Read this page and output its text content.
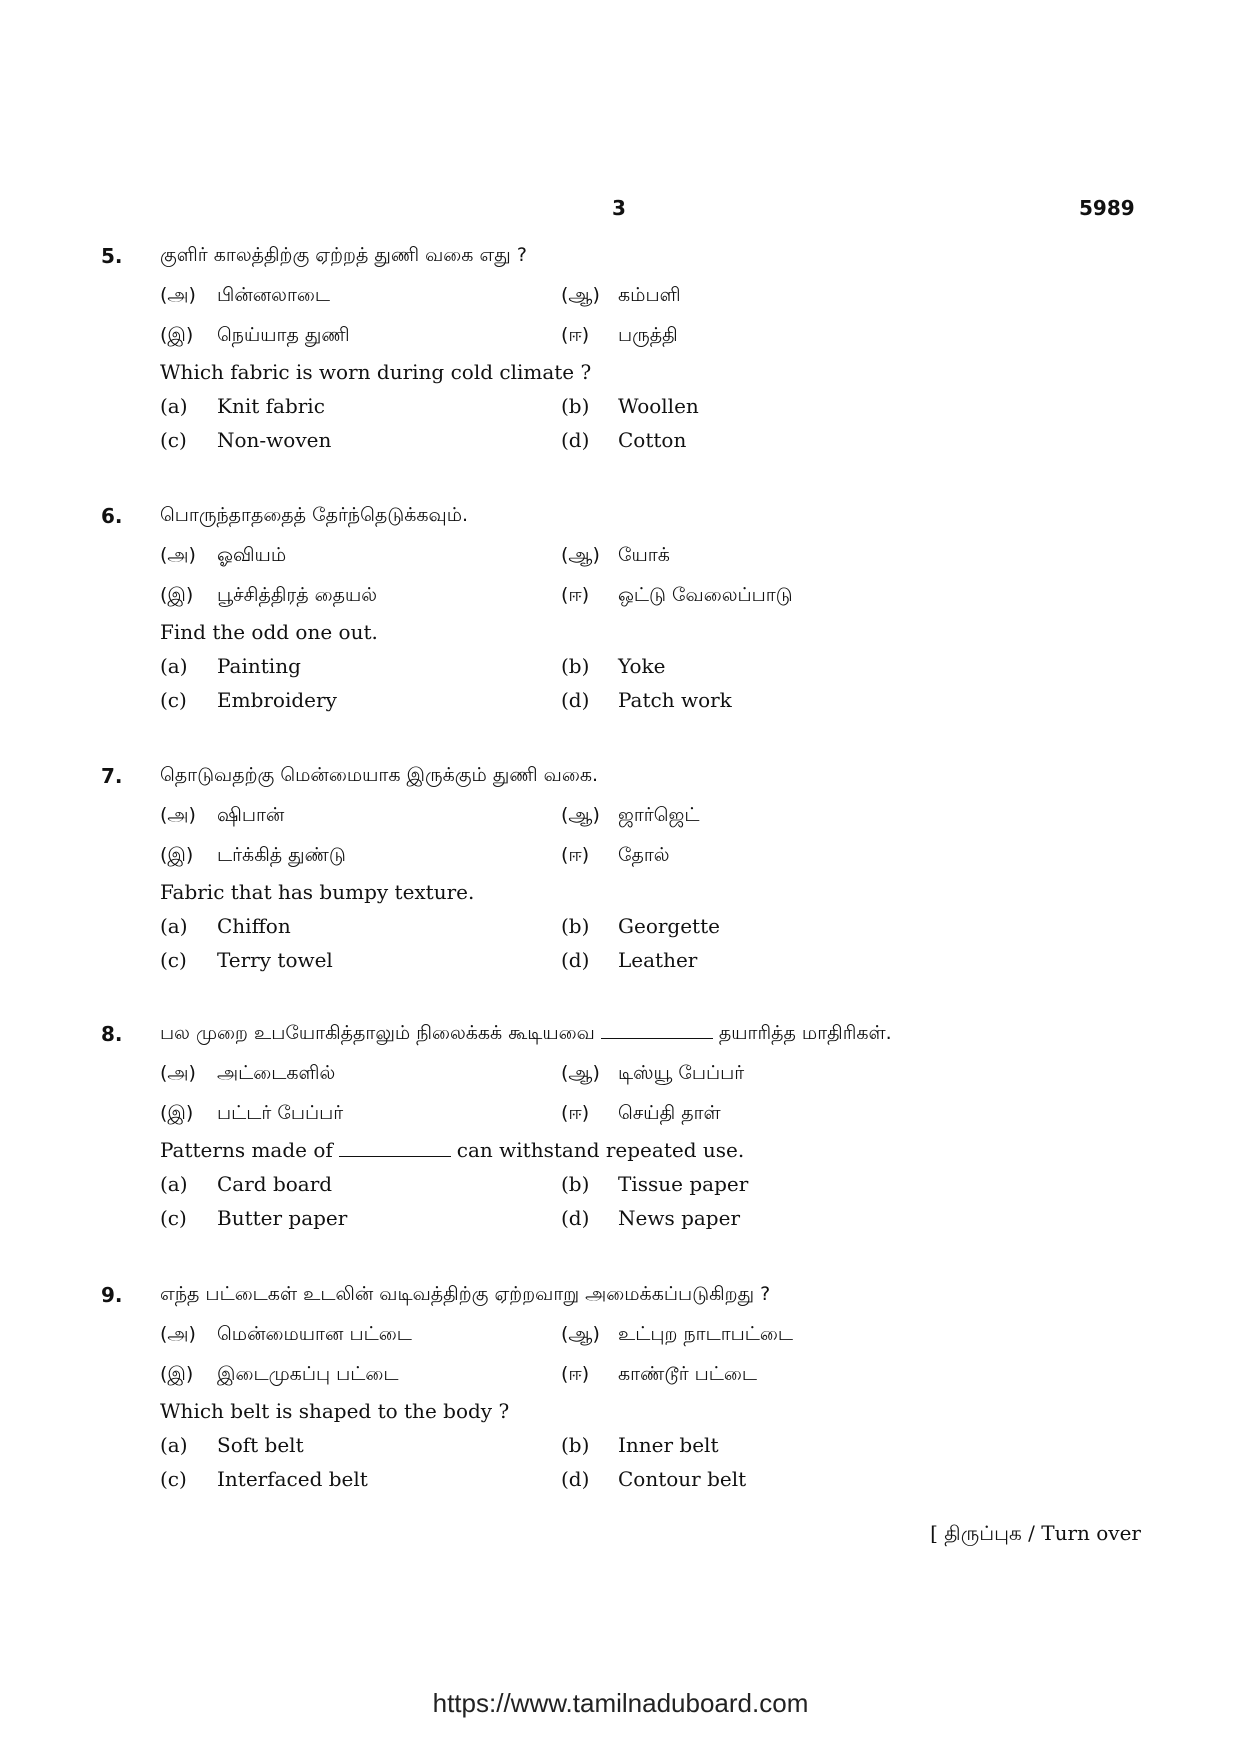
3	5989
5. குளிர் காலத்திற்கு ஏற்றத் துணி வகை எது ?
(அ) பின்னலாடை	(ஆ) கம்பளி
(இ) நெய்யாத துணி	(ஈ) பருத்தி
Which fabric is worn during cold climate ?
(a) Knit fabric	(b) Woollen
(c) Non-woven	(d) Cotton
6. பொருந்தாததைத் தேர்ந்தெடுக்கவும்.
(அ) ஓவியம்	(ஆ) யோக்
(இ) பூச்சித்திரத் தையல்	(ஈ) ஒட்டு வேலைப்பாடு
Find the odd one out.
(a) Painting	(b) Yoke
(c) Embroidery	(d) Patch work
7. தொடுவதற்கு மென்மையாக இருக்கும் துணி வகை.
(அ) ஷிபான்	(ஆ) ஜார்ஜெட்
(இ) டர்க்கித் துண்டு	(ஈ) தோல்
Fabric that has bumpy texture.
(a) Chiffon	(b) Georgette
(c) Terry towel	(d) Leather
8. பல முறை உபயோகித்தாலும் நிலைக்கக் கூடியவை	தயாரித்த மாதிரிகள்.
(அ) அட்டைகளில்	(ஆ) டிஸ்யூ பேப்பர்
(இ) பட்டர் பேப்பர்	(ஈ) செய்தி தாள்
Patterns made of	can withstand repeated use.
(a) Card board	(b) Tissue paper
(c) Butter paper	(d) News paper
9. எந்த பட்டைகள் உடலின் வடிவத்திற்கு ஏற்றவாறு அமைக்கப்படுகிறது ?
(அ) மென்மையான பட்டை	(ஆ) உட்புற நாடாபட்டை
(இ) இடைமுகப்பு பட்டை	(ஈ) காண்டூர் பட்டை
Which belt is shaped to the body ?
(a) Soft belt	(b) Inner belt
(c) Interfaced belt	(d) Contour belt
[ திருப்புக / Turn over
https://www.tamilnaduboard.com
